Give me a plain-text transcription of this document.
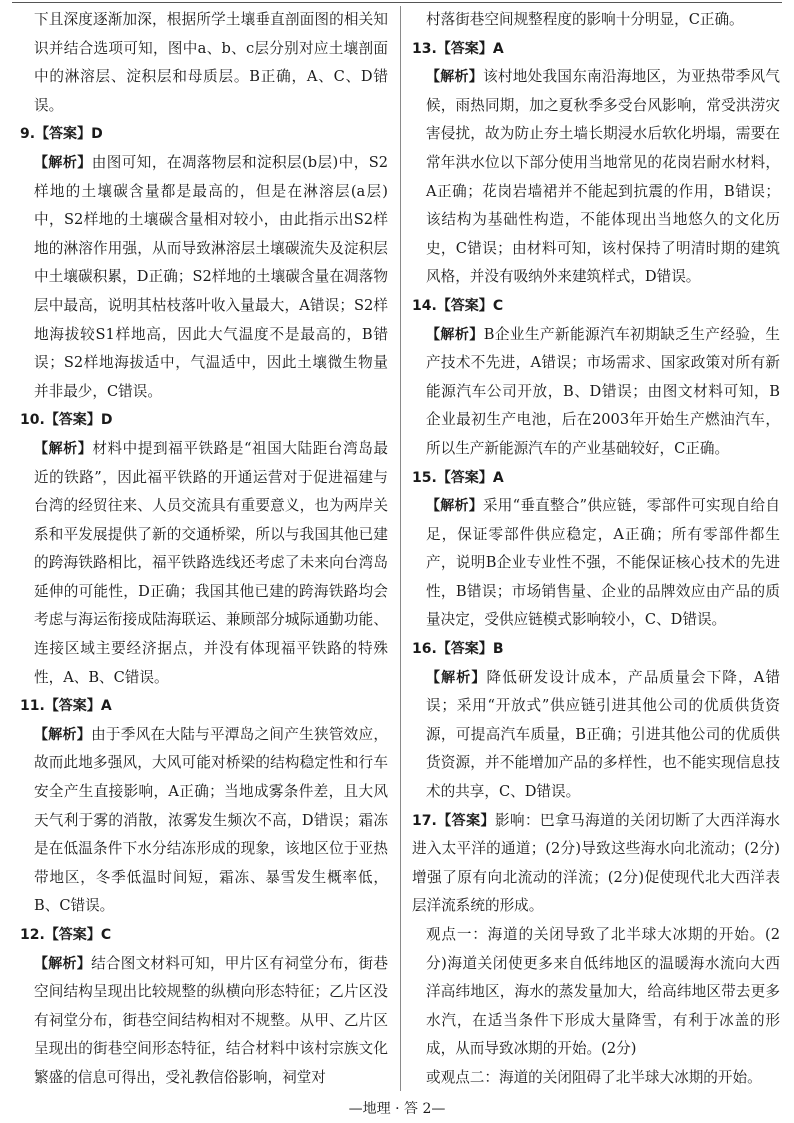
下且深度逐渐加深，根据所学土壤垂直剖面图的相关知识并结合选项可知，图中a、b、c层分别对应土壤剖面中的淋溶层、淀积层和母质层。B正确，A、C、D错误。

9.【答案】D

【解析】由图可知，在凋落物层和淀积层(b层)中，S2样地的土壤碳含量都是最高的，但是在淋溶层(a层)中，S2样地的土壤碳含量相对较小，由此指示出S2样地的淋溶作用强，从而导致淋溶层土壤碳流失及淀积层中土壤碳积累，D正确；S2样地的土壤碳含量在凋落物层中最高，说明其枯枝落叶收入量最大，A错误；S2样地海拔较S1样地高，因此大气温度不是最高的，B错误；S2样地海拔适中，气温适中，因此土壤微生物量并非最少，C错误。

10.【答案】D

【解析】材料中提到福平铁路是“祖国大陆距台湾岛最近的铁路”，因此福平铁路的开通运营对于促进福建与台湾的经贸往来、人员交流具有重要意义，也为两岸关系和平发展提供了新的交通桥梁，所以与我国其他已建的跨海铁路相比，福平铁路选线还考虑了未来向台湾岛延伸的可能性，D正确；我国其他已建的跨海铁路均会考虑与海运衔接成陆海联运、兼顾部分城际通勤功能、连接区域主要经济据点，并没有体现福平铁路的特殊性，A、B、C错误。

11.【答案】A

【解析】由于季风在大陆与平潭岛之间产生狭管效应，故而此地多强风，大风可能对桥梁的结构稳定性和行车安全产生直接影响，A正确；当地成雾条件差，且大风天气利于雾的消散，浓雾发生频次不高，D错误；霜冻是在低温条件下水分结冻形成的现象，该地区位于亚热带地区，冬季低温时间短，霜冻、暴雪发生概率低，B、C错误。

12.【答案】C

【解析】结合图文材料可知，甲片区有祠堂分布，街巷空间结构呈现出比较规整的纵横向形态特征；乙片区没有祠堂分布，街巷空间结构相对不规整。从甲、乙片区呈现出的街巷空间形态特征，结合材料中该村宗族文化繁盛的信息可得出，受礼教信俗影响，祠堂对

村落街巷空间规整程度的影响十分明显，C正确。

13.【答案】A

【解析】该村地处我国东南沿海地区，为亚热带季风气候，雨热同期，加之夏秋季多受台风影响，常受洪涝灾害侵扰，故为防止夯土墙长期浸水后软化坍塌，需要在常年洪水位以下部分使用当地常见的花岗岩耐水材料，A正确；花岗岩墙裙并不能起到抗震的作用，B错误；该结构为基础性构造，不能体现出当地悠久的文化历史，C错误；由材料可知，该村保持了明清时期的建筑风格，并没有吸纳外来建筑样式，D错误。

14.【答案】C

【解析】B企业生产新能源汽车初期缺乏生产经验，生产技术不先进，A错误；市场需求、国家政策对所有新能源汽车公司开放，B、D错误；由图文材料可知，B企业最初生产电池，后在2003年开始生产燃油汽车，所以生产新能源汽车的产业基础较好，C正确。

15.【答案】A

【解析】采用“垂直整合”供应链，零部件可实现自给自足，保证零部件供应稳定，A正确；所有零部件都生产，说明B企业专业性不强，不能保证核心技术的先进性，B错误；市场销售量、企业的品牌效应由产品的质量决定，受供应链模式影响较小，C、D错误。

16.【答案】B

【解析】降低研发设计成本，产品质量会下降，A错误；采用“开放式”供应链引进其他公司的优质供货资源，可提高汽车质量，B正确；引进其他公司的优质供货资源，并不能增加产品的多样性，也不能实现信息技术的共享，C、D错误。

17.【答案】影响：巴拿马海道的关闭切断了大西洋海水进入太平洋的通道；(2分)导致这些海水向北流动；(2分)增强了原有向北流动的洋流；(2分)促使现代北大西洋表层洋流系统的形成。

观点一：海道的关闭导致了北半球大冰期的开始。(2分)海道关闭使更多来自低纬地区的温暖海水流向大西洋高纬地区，海水的蒸发量加大，给高纬地区带去更多水汽，在适当条件下形成大量降雪，有利于冰盖的形成，从而导致冰期的开始。(2分)

或观点二：海道的关闭阻碍了北半球大冰期的开始。

—地理 · 答 2—
